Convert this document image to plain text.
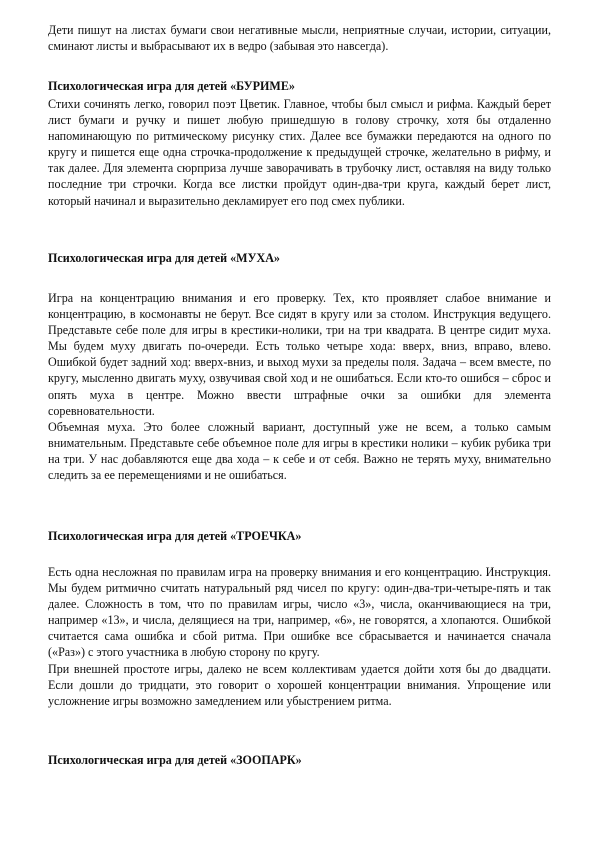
Дети пишут на листах бумаги свои негативные мысли, неприятные случаи, истории, ситуации, сминают листы и выбрасывают их в ведро (забывая это навсегда).

Психологическая игра для детей «БУРИМЕ»

Стихи сочинять легко, говорил поэт Цветик. Главное, чтобы был смысл и рифма. Каждый берет лист бумаги и ручку и пишет любую пришедшую в голову строчку, хотя бы отдаленно напоминающую по ритмическому рисунку стих. Далее все бумажки передаются на одного по кругу и пишется еще одна строчка-продолжение к предыдущей строчке, желательно в рифму, и так далее. Для элемента сюрприза лучше заворачивать в трубочку лист, оставляя на виду только последние три строчки. Когда все листки пройдут один-два-три круга, каждый берет лист, который начинал и выразительно декламирует его под смех публики.

Психологическая игра для детей «МУХА»

Игра на концентрацию внимания и его проверку. Тех, кто проявляет слабое внимание и концентрацию, в космонавты не берут. Все сидят в кругу или за столом. Инструкция ведущего. Представьте себе поле для игры в крестики-нолики, три на три квадрата. В центре сидит муха. Мы будем муху двигать по-очереди. Есть только четыре хода: вверх, вниз, вправо, влево. Ошибкой будет задний ход: вверх-вниз, и выход мухи за пределы поля. Задача – всем вместе, по кругу, мысленно двигать муху, озвучивая свой ход и не ошибаться. Если кто-то ошибся – сброс и опять муха в центре. Можно ввести штрафные очки за ошибки для элемента соревновательности.

Объемная муха. Это более сложный вариант, доступный уже не всем, а только самым внимательным. Представьте себе объемное поле для игры в крестики нолики – кубик рубика три на три. У нас добавляются еще два хода – к себе и от себя. Важно не терять муху, внимательно следить за ее перемещениями и не ошибаться.

Психологическая игра для детей «ТРОЕЧКА»

Есть одна несложная по правилам игра на проверку внимания и его концентрацию. Инструкция. Мы будем ритмично считать натуральный ряд чисел по кругу: один-два-три-четыре-пять и так далее. Сложность в том, что по правилам игры, число «3», числа, оканчивающиеся на три, например «13», и числа, делящиеся на три, например, «6», не говорятся, а хлопаются. Ошибкой считается сама ошибка и сбой ритма. При ошибке все сбрасывается и начинается сначала («Раз») с этого участника в любую сторону по кругу.

При внешней простоте игры, далеко не всем коллективам удается дойти хотя бы до двадцати. Если дошли до тридцати, это говорит о хорошей концентрации внимания. Упрощение или усложнение игры возможно замедлением или убыстрением ритма.

Психологическая игра для детей «ЗООПАРК»
